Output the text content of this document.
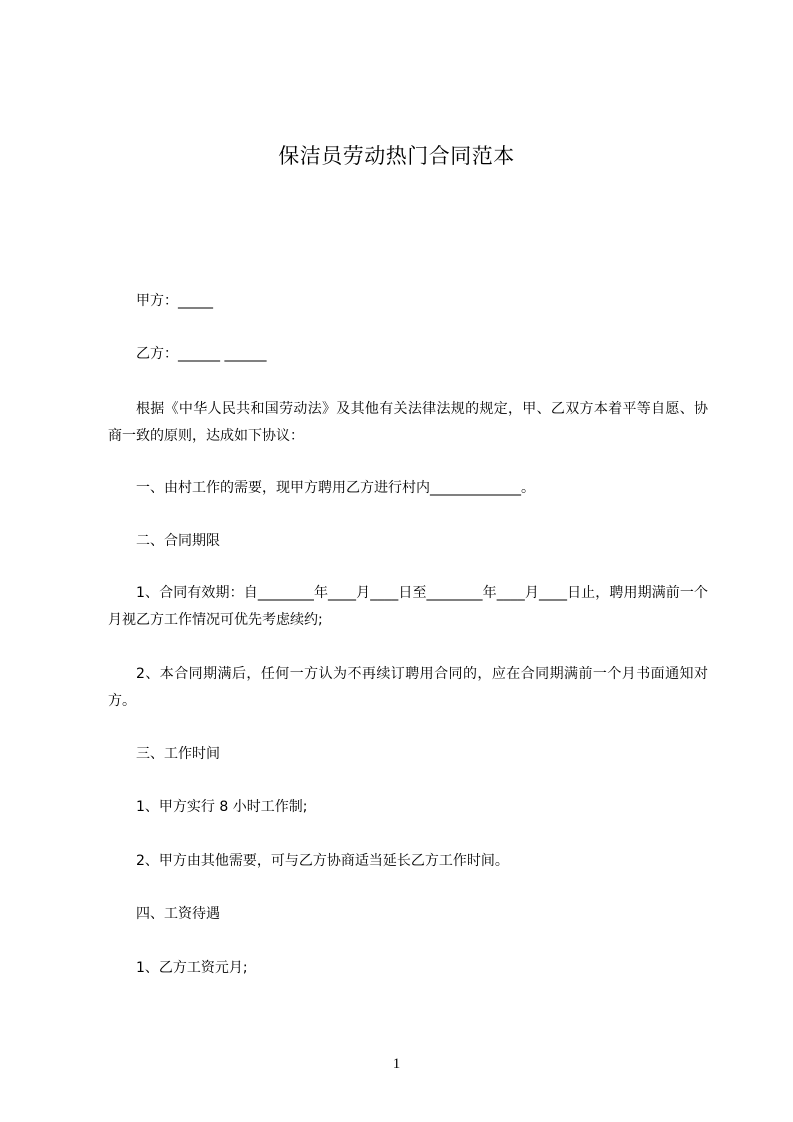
保洁员劳动热门合同范本
甲方：_____
乙方：______ ______
根据《中华人民共和国劳动法》及其他有关法律法规的规定，甲、乙双方本着平等自愿、协商一致的原则，达成如下协议：
一、由村工作的需要，现甲方聘用乙方进行村内_____________。
二、合同期限
1、合同有效期：自________年____月____日至________年____月____日止，聘用期满前一个月视乙方工作情况可优先考虑续约;
2、本合同期满后，任何一方认为不再续订聘用合同的，应在合同期满前一个月书面通知对方。
三、工作时间
1、甲方实行 8 小时工作制;
2、甲方由其他需要，可与乙方协商适当延长乙方工作时间。
四、工资待遇
1、乙方工资元月;
1
